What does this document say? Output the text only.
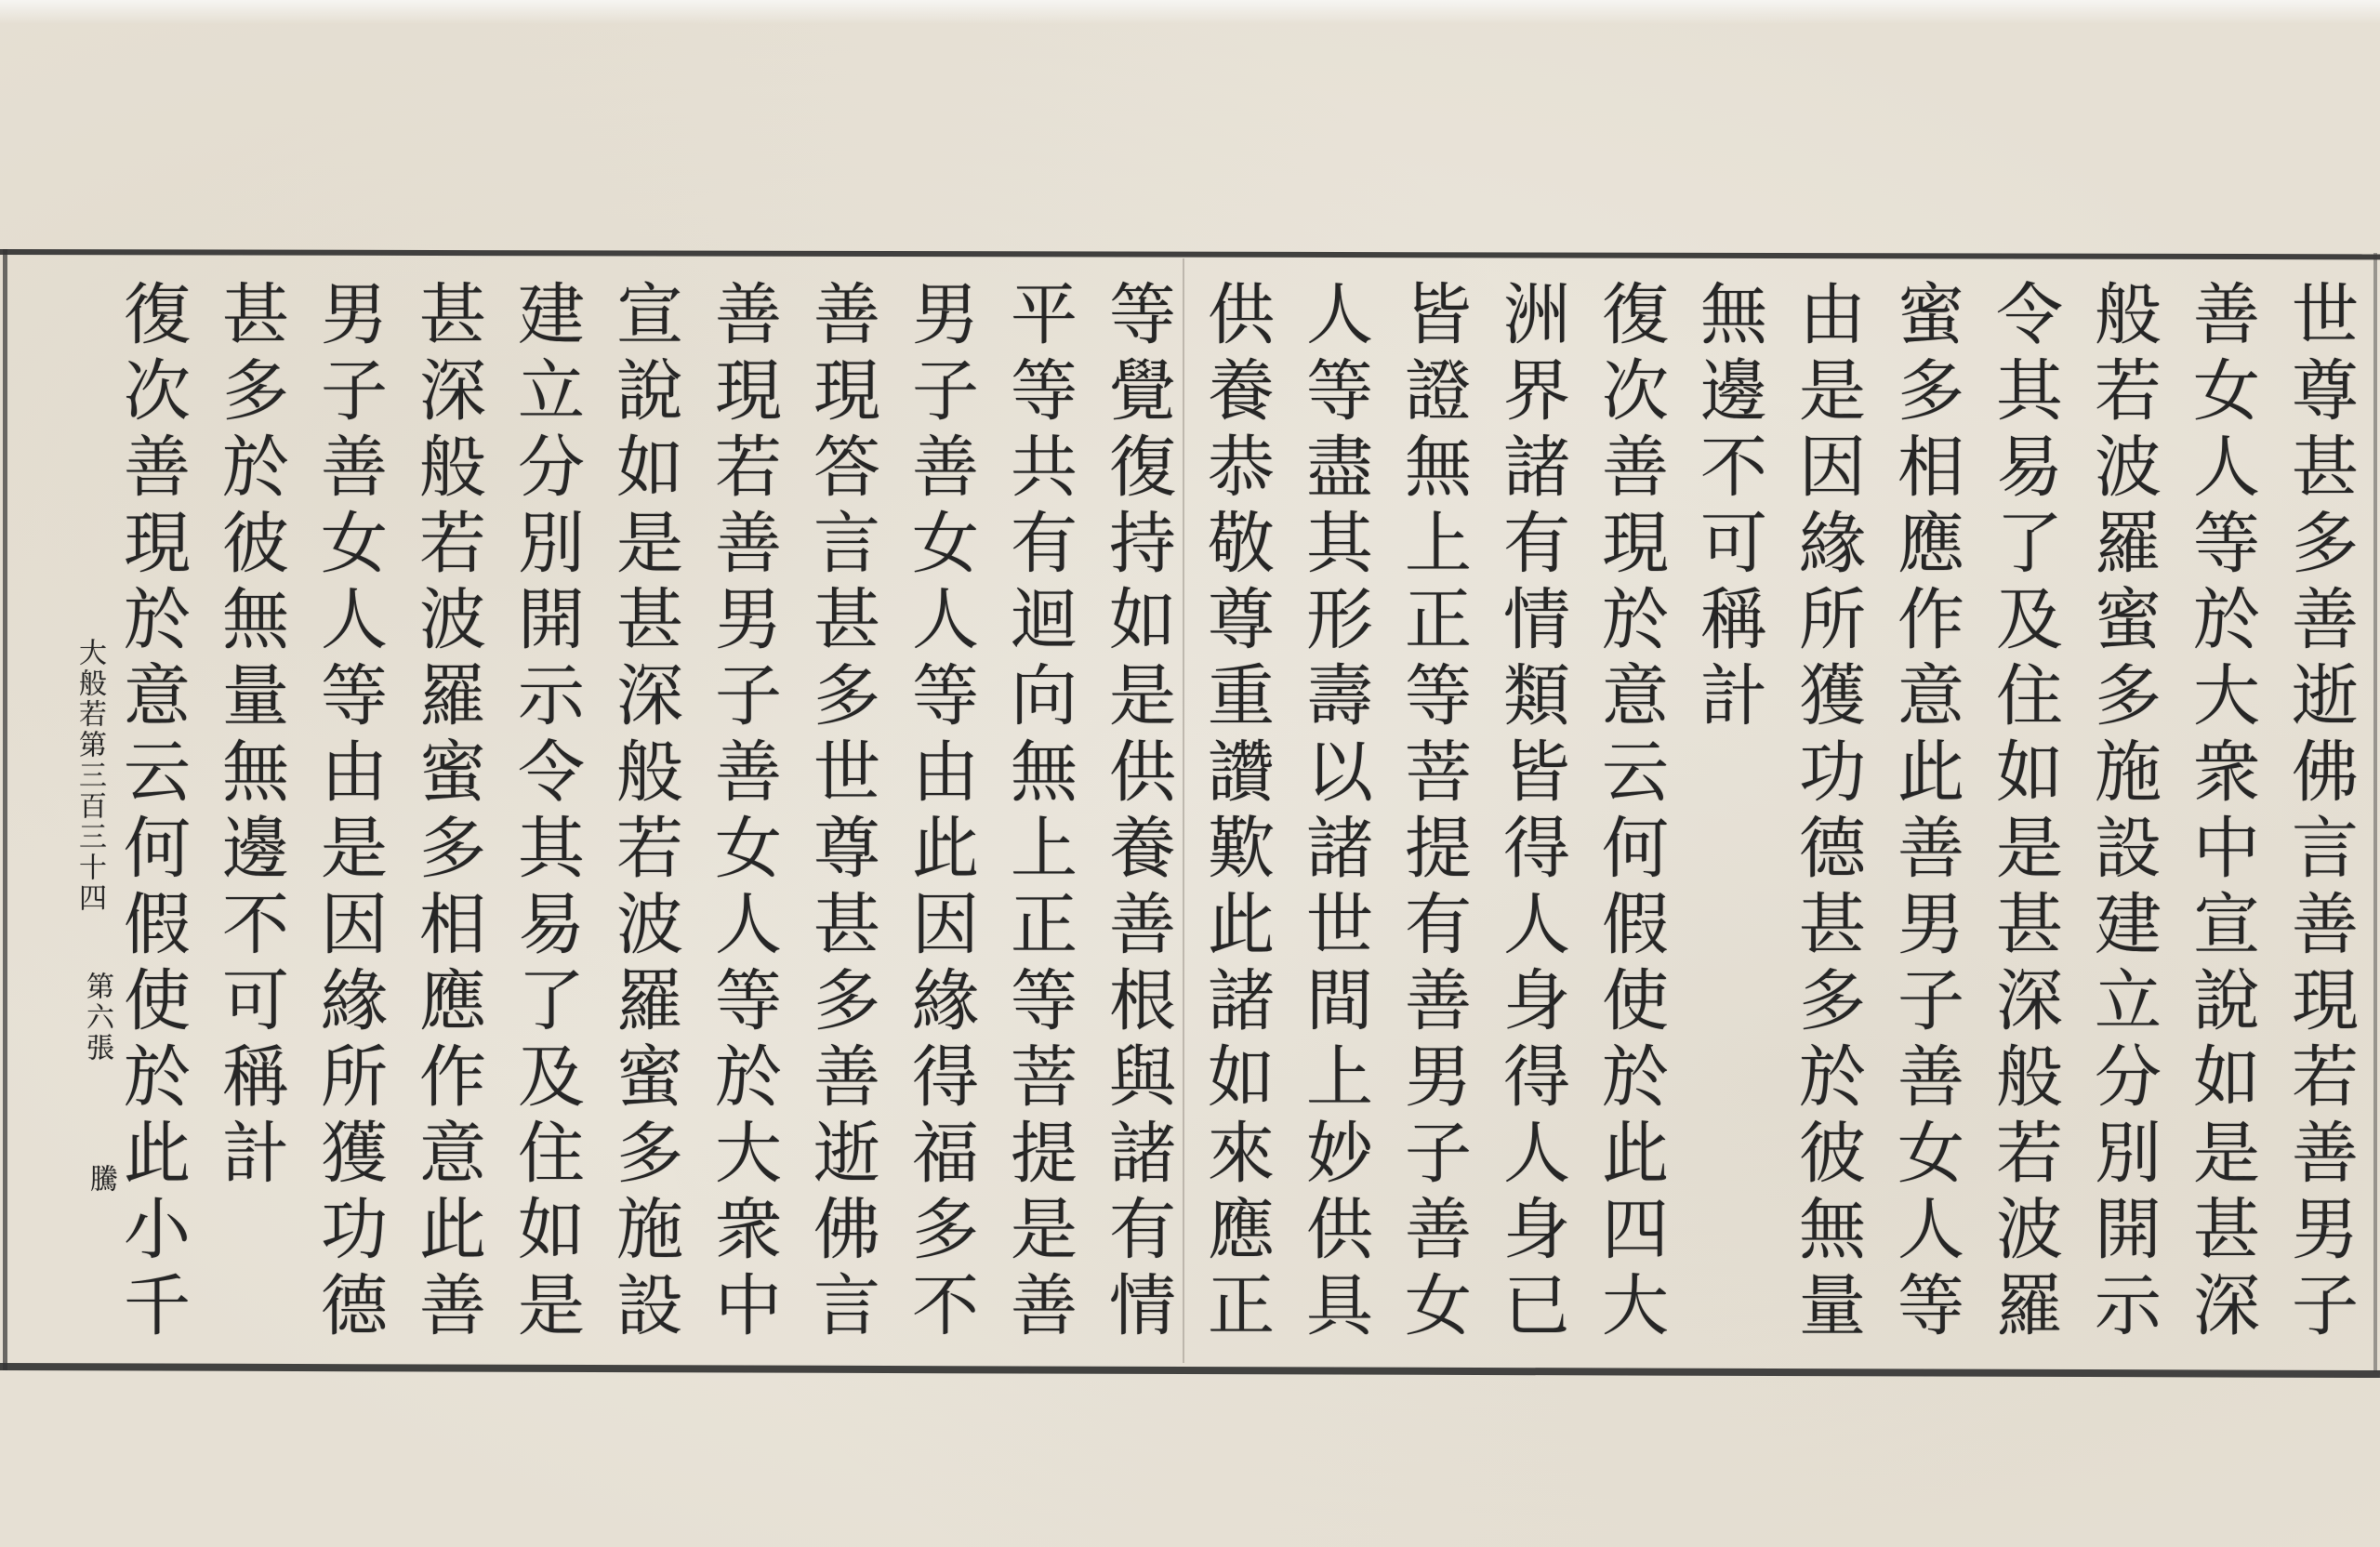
世尊甚多善逝佛言善現若善男子
善女人等於大衆中宣說如是甚深
般若波羅蜜多施設建立分別開示
令其易了及住如是甚深般若波羅
蜜多相應作意此善男子善女人等
由是因緣所獲功德甚多於彼無量
無邊不可稱計
復次善現於意云何假使於此四大
洲界諸有情類皆得人身得人身已
皆證無上正等菩提有善男子善女
人等盡其形壽以諸世間上妙供具
供養恭敬尊重讚歎此諸如來應正
等覺復持如是供養善根與諸有情
平等共有迴向無上正等菩提是善
男子善女人等由此因緣得福多不
善現答言甚多世尊甚多善逝佛言
善現若善男子善女人等於大衆中
宣說如是甚深般若波羅蜜多施設
建立分別開示令其易了及住如是
甚深般若波羅蜜多相應作意此善
男子善女人等由是因緣所獲功德
甚多於彼無量無邊不可稱計
復次善現於意云何假使於此小千
大般若第三百三十四
第六張
騰
